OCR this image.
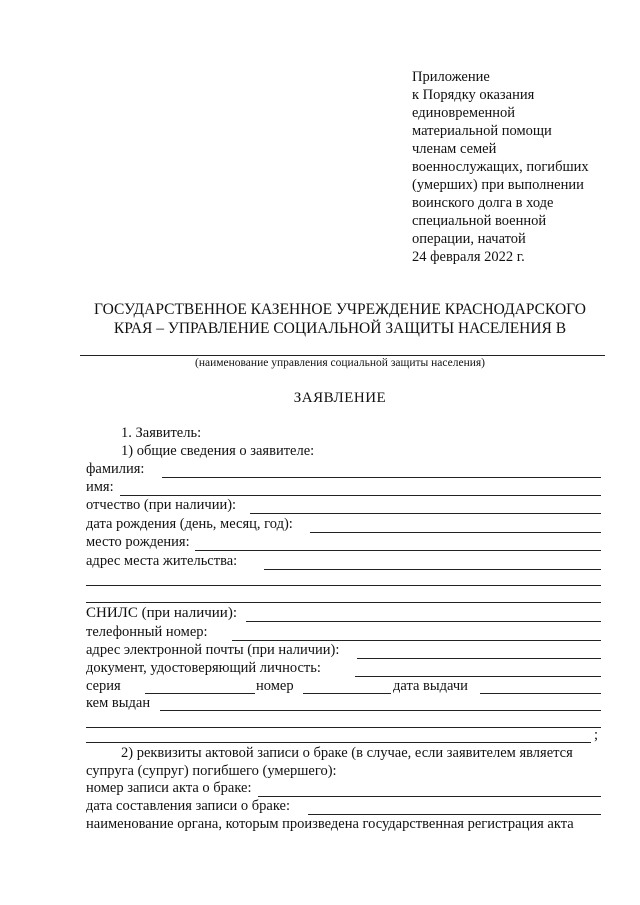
Приложение
к Порядку оказания
единовременной
материальной помощи
членам семей
военнослужащих, погибших
(умерших) при выполнении
воинского долга в ходе
специальной военной
операции, начатой
24 февраля 2022 г.
ГОСУДАРСТВЕННОЕ КАЗЕННОЕ УЧРЕЖДЕНИЕ КРАСНОДАРСКОГО
КРАЯ – УПРАВЛЕНИЕ СОЦИАЛЬНОЙ ЗАЩИТЫ НАСЕЛЕНИЯ В
(наименование управления социальной защиты населения)
ЗАЯВЛЕНИЕ
1. Заявитель:
1) общие сведения о заявителе:
фамилия:
имя:
отчество (при наличии):
дата рождения (день, месяц, год):
место рождения:
адрес места жительства:
СНИЛС (при наличии):
телефонный номер:
адрес электронной почты (при наличии):
документ, удостоверяющий личность:
серия	номер	дата выдачи
кем выдан
;
2) реквизиты актовой записи о браке (в случае, если заявителем является
супруга (супруг) погибшего (умершего):
номер записи акта о браке:
дата составления записи о браке:
наименование органа, которым произведена государственная регистрация акта
